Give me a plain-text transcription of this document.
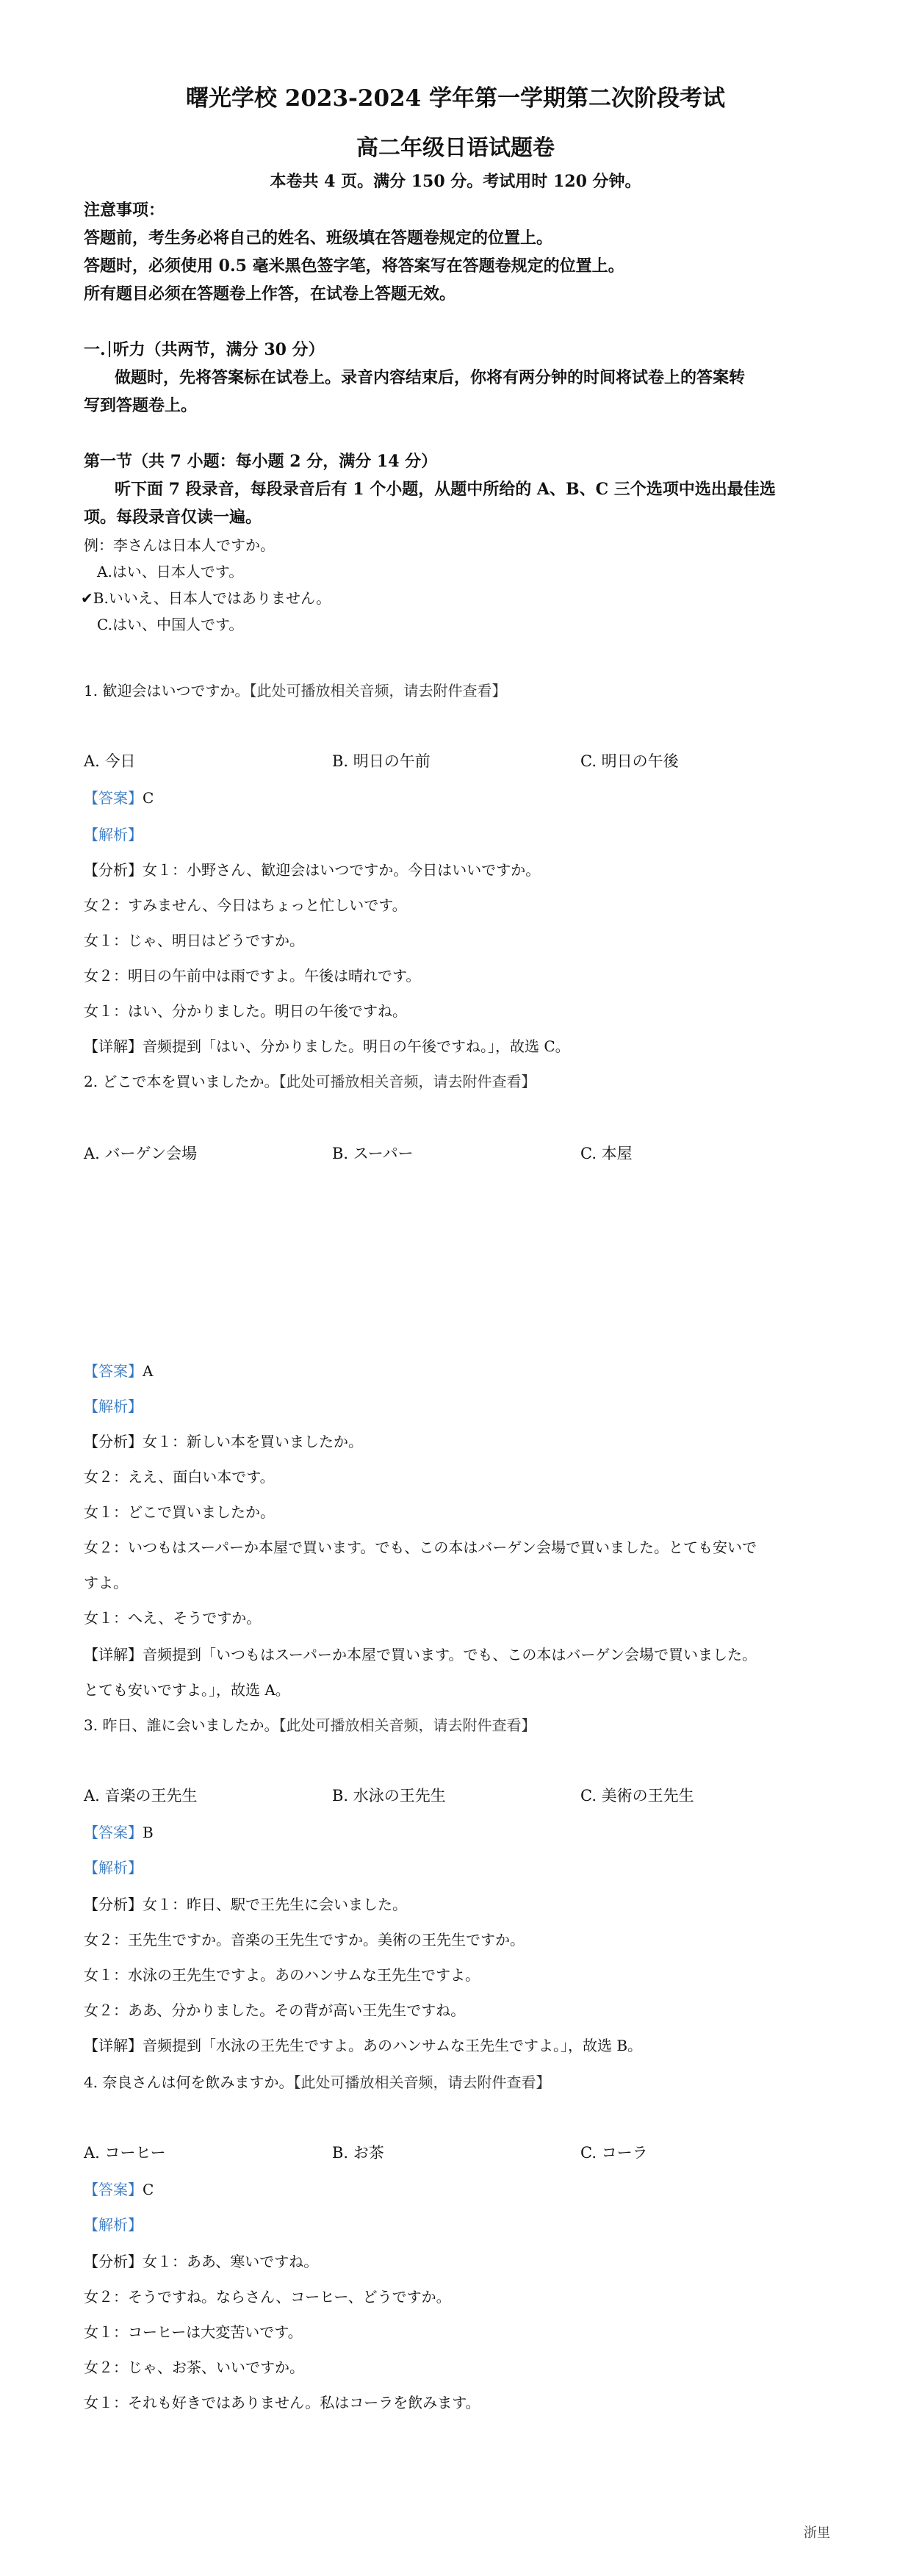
曙光学校 2023-2024 学年第一学期第二次阶段考试
高二年级日语试题卷
本卷共 4 页。满分 150 分。考试用时 120 分钟。
注意事项：
答题前，考生务必将自己的姓名、班级填在答题卷规定的位置上。
答题时，必须使用 0.5 毫米黑色签字笔，将答案写在答题卷规定的位置上。
所有题目必须在答题卷上作答，在试卷上答题无效。
一. 听力（共两节，满分 30 分）
做题时，先将答案标在试卷上。录音内容结束后，你将有两分钟的时间将试卷上的答案转
写到答题卷上。
第一节（共 7 小题：每小题 2 分，满分 14 分）
听下面 7 段录音，每段录音后有 1 个小题，从题中所给的 A、B、C 三个选项中选出最佳选
项。每段录音仅读一遍。
例：李さんは日本人ですか。
A.はい、日本人です。
✔B.いいえ、日本人ではありません。
C.はい、中国人です。
1. 歓迎会はいつですか。【此处可播放相关音频，请去附件查看】
A. 今日	B. 明日の午前	C. 明日の午後
【答案】C
【解析】
【分析】女１：小野さん、歓迎会はいつですか。今日はいいですか。
女２：すみません、今日はちょっと忙しいです。
女１：じゃ、明日はどうですか。
女２：明日の午前中は雨ですよ。午後は晴れです。
女１：はい、分かりました。明日の午後ですね。
【详解】音频提到「はい、分かりました。明日の午後ですね。」，故选 C。
2. どこで本を買いましたか。【此处可播放相关音频，请去附件查看】
A. バーゲン会場	B. スーパー	C. 本屋
【答案】A
【解析】
【分析】女１：新しい本を買いましたか。
女２：ええ、面白い本です。
女１：どこで買いましたか。
女２：いつもはスーパーか本屋で買います。でも、この本はバーゲン会場で買いました。とても安いで
すよ。
女１：へえ、そうですか。
【详解】音频提到「いつもはスーパーか本屋で買います。でも、この本はバーゲン会場で買いました。
とても安いですよ。」，故选 A。
3. 昨日、誰に会いましたか。【此处可播放相关音频，请去附件查看】
A. 音楽の王先生	B. 水泳の王先生	C. 美術の王先生
【答案】B
【解析】
【分析】女１：昨日、駅で王先生に会いました。
女２：王先生ですか。音楽の王先生ですか。美術の王先生ですか。
女１：水泳の王先生ですよ。あのハンサムな王先生ですよ。
女２：ああ、分かりました。その背が高い王先生ですね。
【详解】音频提到「水泳の王先生ですよ。あのハンサムな王先生ですよ。」，故选 B。
4. 奈良さんは何を飲みますか。【此处可播放相关音频，请去附件查看】
A. コーヒー	B. お茶	C. コーラ
【答案】C
【解析】
【分析】女１：ああ、寒いですね。
女２：そうですね。ならさん、コーヒー、どうですか。
女１：コーヒーは大変苦いです。
女２：じゃ、お茶、いいですか。
女１：それも好きではありません。私はコーラを飲みます。
浙里
